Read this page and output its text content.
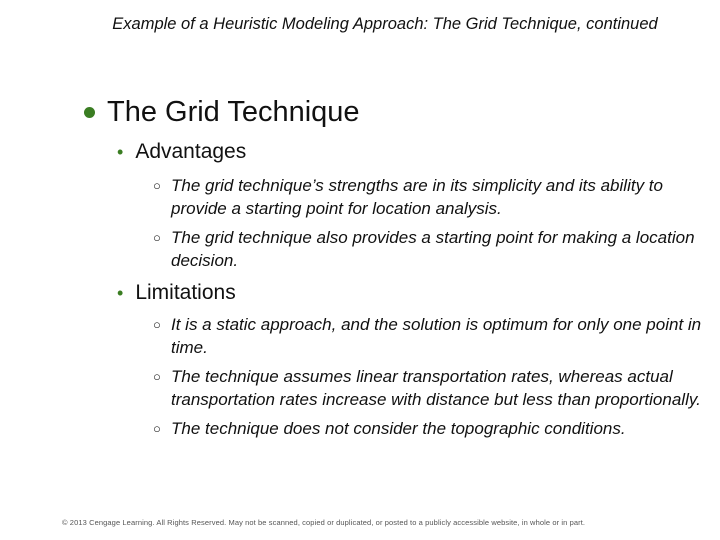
Example of a Heuristic Modeling Approach: The Grid Technique, continued
The Grid Technique
• Advantages
○ The grid technique’s strengths are in its simplicity and its ability to provide a starting point for location analysis.
○ The grid technique also provides a starting point for making a location decision.
• Limitations
○ It is a static approach, and the solution is optimum for only one point in time.
○ The technique assumes linear transportation rates, whereas actual transportation rates increase with distance but less than proportionally.
○ The technique does not consider the topographic conditions.
© 2013 Cengage Learning. All Rights Reserved. May not be scanned, copied or duplicated, or posted to a publicly accessible website, in whole or in part.
